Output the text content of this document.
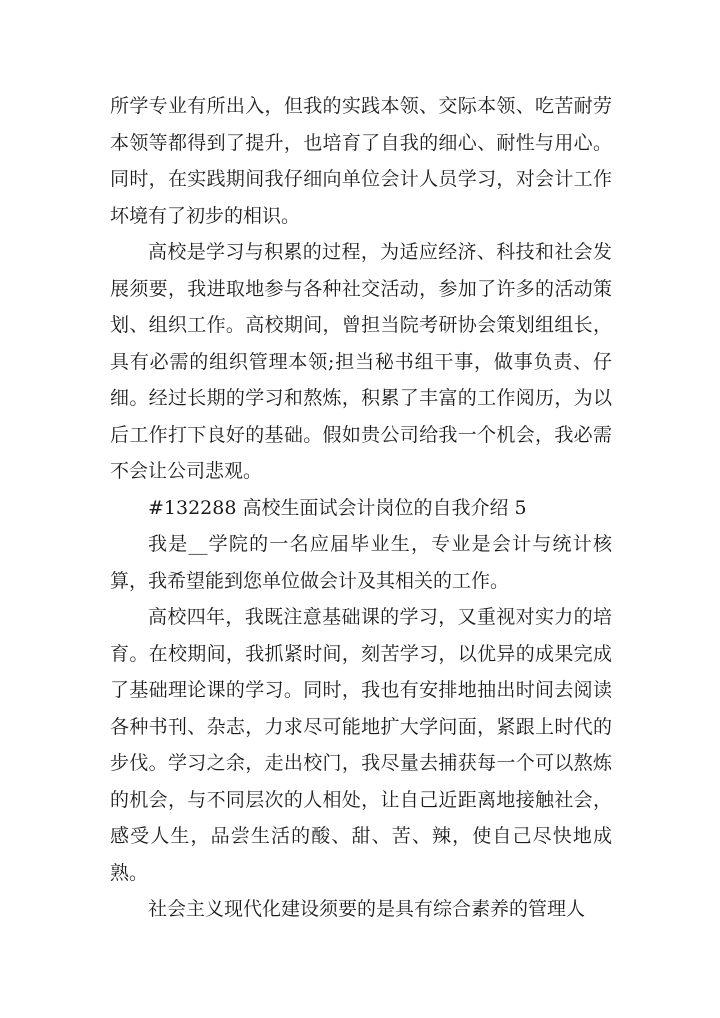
所学专业有所出入，但我的实践本领、交际本领、吃苦耐劳本领等都得到了提升，也培育了自我的细心、耐性与用心。同时，在实践期间我仔细向单位会计人员学习，对会计工作坏境有了初步的相识。

高校是学习与积累的过程，为适应经济、科技和社会发展须要，我进取地参与各种社交活动，参加了许多的活动策划、组织工作。高校期间，曾担当院考研协会策划组组长，具有必需的组织管理本领;担当秘书组干事，做事负责、仔细。经过长期的学习和熬炼，积累了丰富的工作阅历，为以后工作打下良好的基础。假如贵公司给我一个机会，我必需不会让公司悲观。

#132288 高校生面试会计岗位的自我介绍 5

我是__学院的一名应届毕业生，专业是会计与统计核算，我希望能到您单位做会计及其相关的工作。

高校四年，我既注意基础课的学习，又重视对实力的培育。在校期间，我抓紧时间，刻苦学习，以优异的成果完成了基础理论课的学习。同时，我也有安排地抽出时间去阅读各种书刊、杂志，力求尽可能地扩大学问面，紧跟上时代的步伐。学习之余，走出校门，我尽量去捕获每一个可以熬炼的机会，与不同层次的人相处，让自己近距离地接触社会，感受人生，品尝生活的酸、甜、苦、辣，使自己尽快地成熟。

社会主义现代化建设须要的是具有综合素养的管理人
